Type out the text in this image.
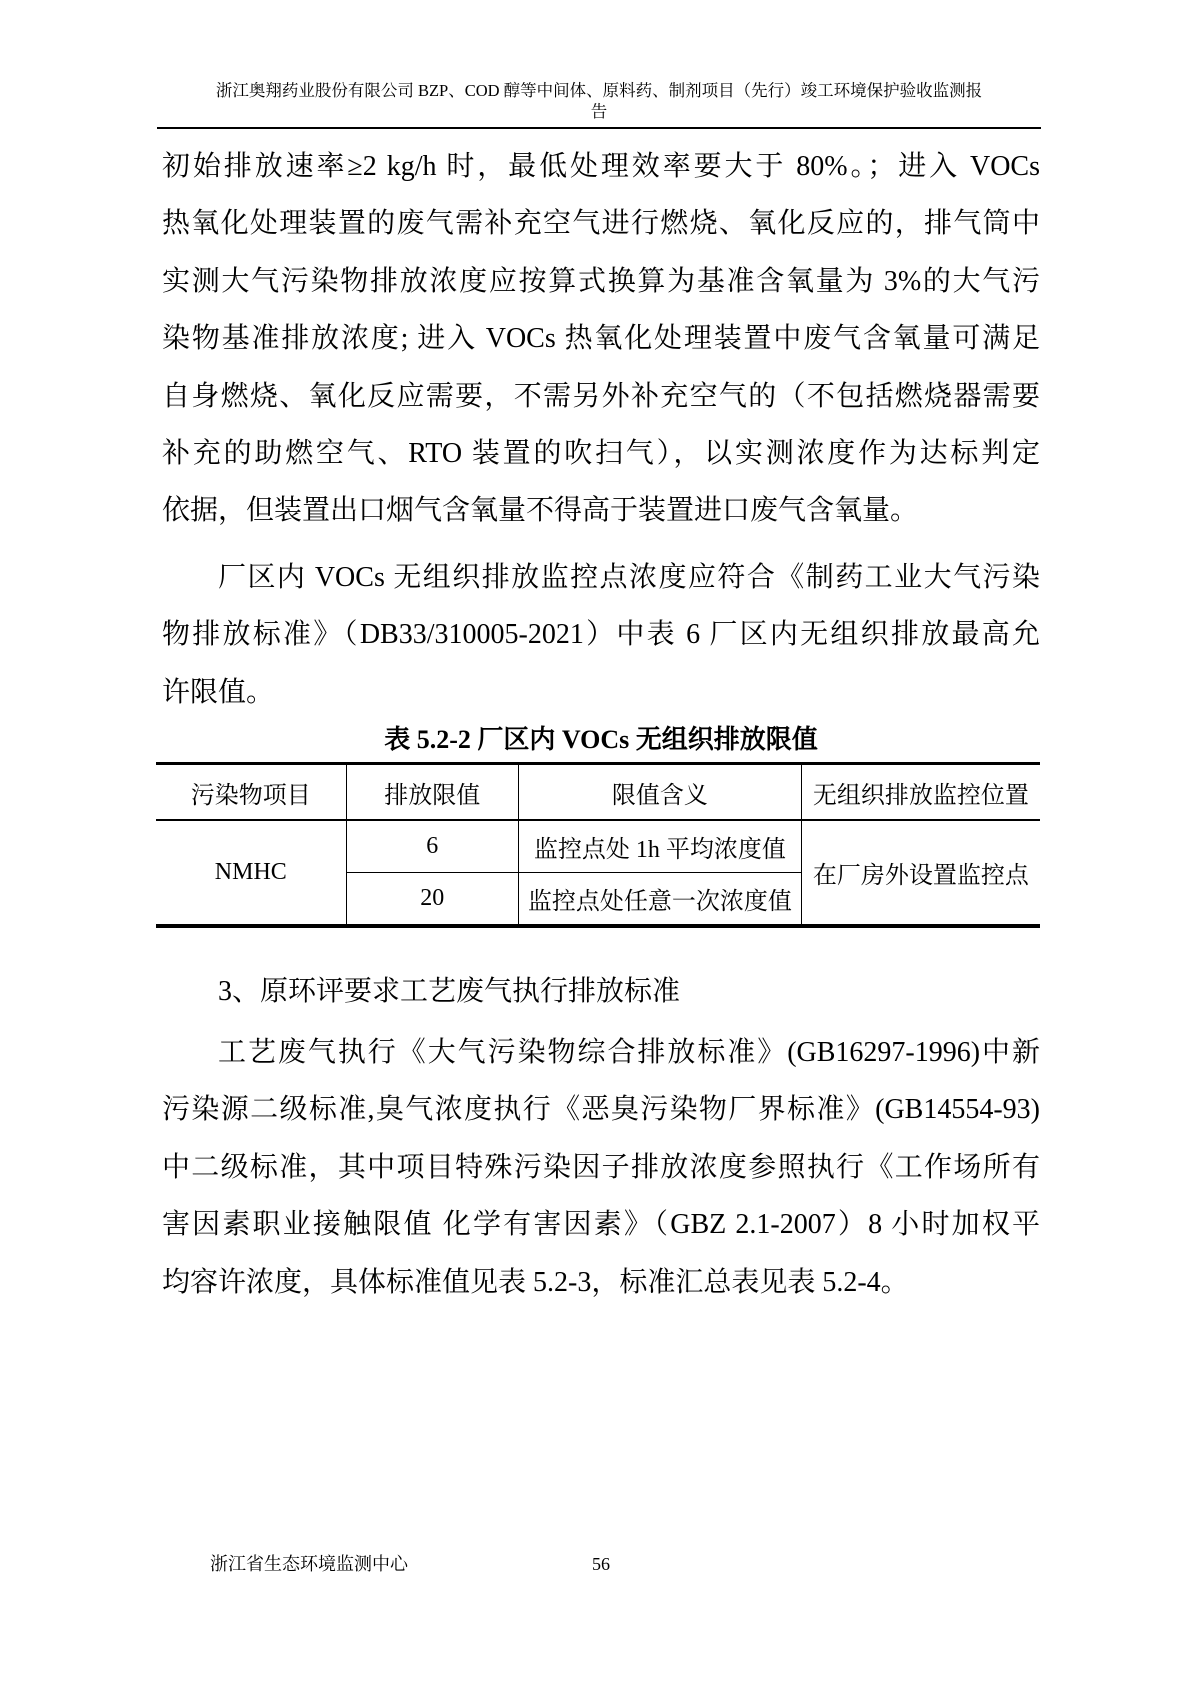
浙江奥翔药业股份有限公司 BZP、COD 醇等中间体、原料药、制剂项目（先行）竣工环境保护验收监测报
告
初始排放速率≥2 kg/h 时，最低处理效率要大于 80%。；进入 VOCs
热氧化处理装置的废气需补充空气进行燃烧、氧化反应的，排气筒中
实测大气污染物排放浓度应按算式换算为基准含氧量为 3%的大气污
染物基准排放浓度; 进入 VOCs 热氧化处理装置中废气含氧量可满足
自身燃烧、氧化反应需要，不需另外补充空气的（不包括燃烧器需要
补充的助燃空气、RTO 装置的吹扫气），以实测浓度作为达标判定
依据，但装置出口烟气含氧量不得高于装置进口废气含氧量。
厂区内 VOCs 无组织排放监控点浓度应符合《制药工业大气污染
物排放标准》（DB33/310005-2021）中表 6 厂区内无组织排放最高允
许限值。
表 5.2-2 厂区内 VOCs 无组织排放限值
污染物项目	排放限值	限值含义	无组织排放监控位置
NMHC	6	监控点处 1h 平均浓度值	在厂房外设置监控点
	20	监控点处任意一次浓度值	
3、原环评要求工艺废气执行排放标准
工艺废气执行《大气污染物综合排放标准》(GB16297-1996)中新
污染源二级标准,臭气浓度执行《恶臭污染物厂界标准》(GB14554-93)
中二级标准，其中项目特殊污染因子排放浓度参照执行《工作场所有
害因素职业接触限值 化学有害因素》（GBZ 2.1-2007）8 小时加权平
均容许浓度，具体标准值见表 5.2-3，标准汇总表见表 5.2-4。
56
浙江省生态环境监测中心
